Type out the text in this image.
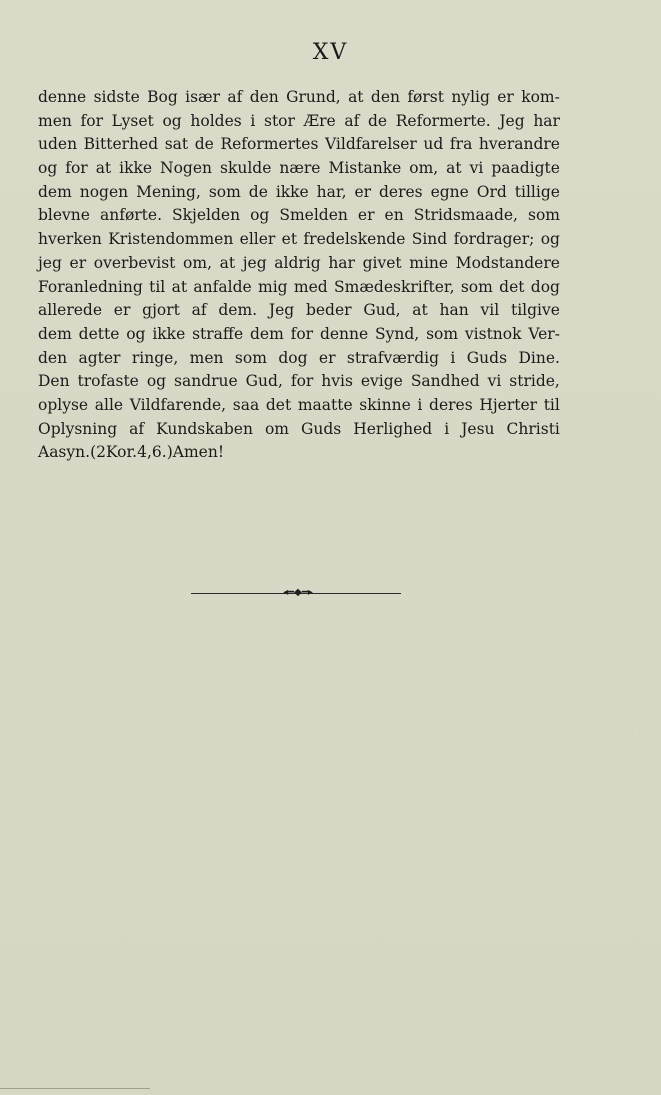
XV
denne sidste Bog især af den Grund, at den først nylig er kom-
men for Lyset og holdes i stor Ære af de Reformerte. Jeg har
uden Bitterhed sat de Reformertes Vildfarelser ud fra hverandre
og for at ikke Nogen skulde nære Mistanke om, at vi paadigte
dem nogen Mening, som de ikke har, er deres egne Ord tillige
blevne anførte. Skjelden og Smelden er en Stridsmaade, som
hverken Kristendommen eller et fredelskende Sind fordrager; og
jeg er overbevist om, at jeg aldrig har givet mine Modstandere
Foranledning til at anfalde mig med Smædeskrifter, som det dog
allerede er gjort af dem. Jeg beder Gud, at han vil tilgive
dem dette og ikke straffe dem for denne Synd, som vistnok Ver-
den agter ringe, men som dog er strafværdig i Guds Dine.
Den trofaste og sandrue Gud, for hvis evige Sandhed vi stride,
oplyse alle Vildfarende, saa det maatte skinne i deres Hjerter til
Oplysning af Kundskaben om Guds Herlighed i Jesu Christi
Aasyn. (2 Kor. 4, 6.) Amen!
◂━◆━▸
